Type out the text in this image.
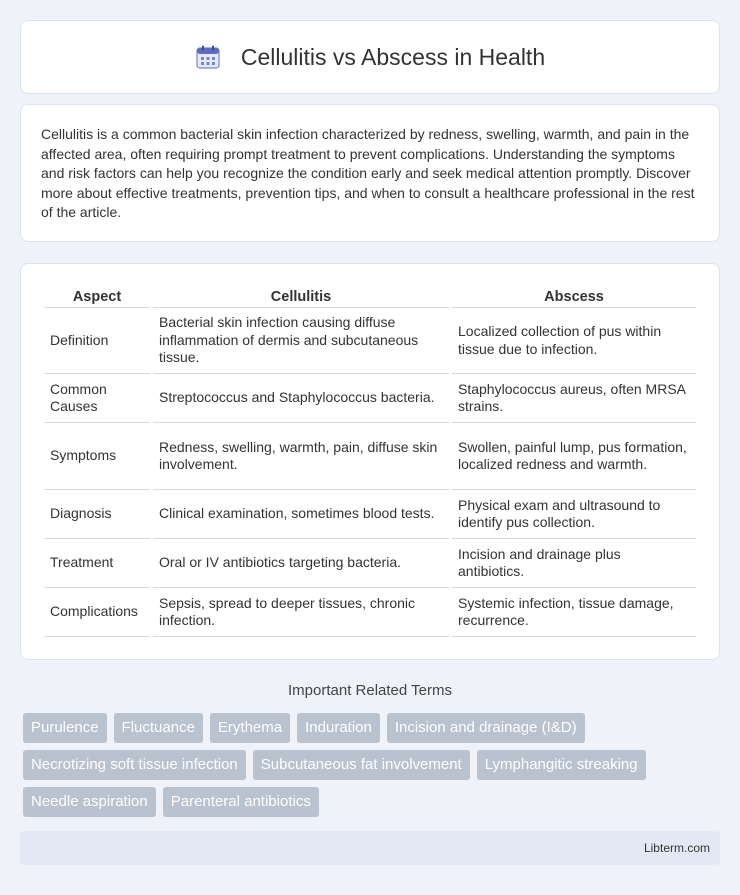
Cellulitis vs Abscess in Health

Cellulitis is a common bacterial skin infection characterized by redness, swelling, warmth, and pain in the affected area, often requiring prompt treatment to prevent complications. Understanding the symptoms and risk factors can help you recognize the condition early and seek medical attention promptly. Discover more about effective treatments, prevention tips, and when to consult a healthcare professional in the rest of the article.

Aspect	Cellulitis	Abscess
Definition	Bacterial skin infection causing diffuse inflammation of dermis and subcutaneous tissue.	Localized collection of pus within tissue due to infection.
Common Causes	Streptococcus and Staphylococcus bacteria.	Staphylococcus aureus, often MRSA strains.
Symptoms	Redness, swelling, warmth, pain, diffuse skin involvement.	Swollen, painful lump, pus formation, localized redness and warmth.
Diagnosis	Clinical examination, sometimes blood tests.	Physical exam and ultrasound to identify pus collection.
Treatment	Oral or IV antibiotics targeting bacteria.	Incision and drainage plus antibiotics.
Complications	Sepsis, spread to deeper tissues, chronic infection.	Systemic infection, tissue damage, recurrence.
Important Related Terms
Purulence	Fluctuance	Erythema	Induration	Incision and drainage (I&D)
Necrotizing soft tissue infection	Subcutaneous fat involvement	Lymphangitic streaking
Needle aspiration	Parenteral antibiotics
Libterm.com
